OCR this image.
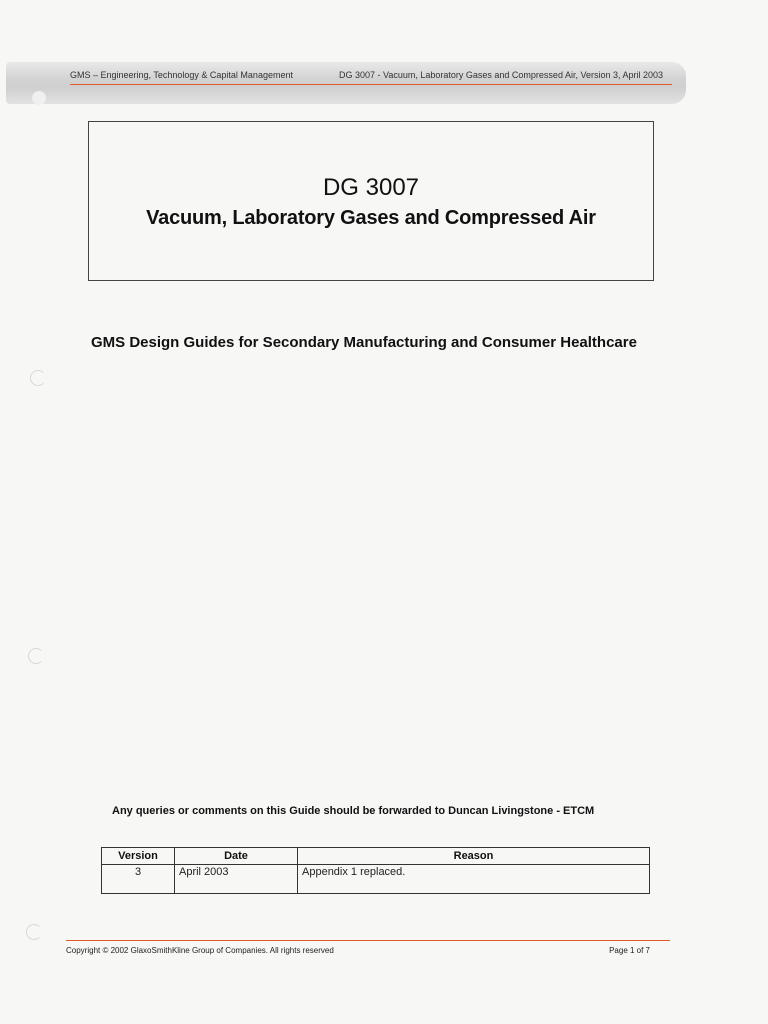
GMS – Engineering, Technology & Capital Management	DG 3007 - Vacuum, Laboratory Gases and Compressed Air, Version 3, April 2003
DG 3007
Vacuum, Laboratory Gases and Compressed Air
GMS Design Guides for Secondary Manufacturing and Consumer Healthcare
Any queries or comments on this Guide should be forwarded to Duncan Livingstone - ETCM
Version	Date	Reason
3	April 2003	Appendix 1 replaced.
Copyright © 2002 GlaxoSmithKline Group of Companies. All rights reserved	Page 1 of 7
